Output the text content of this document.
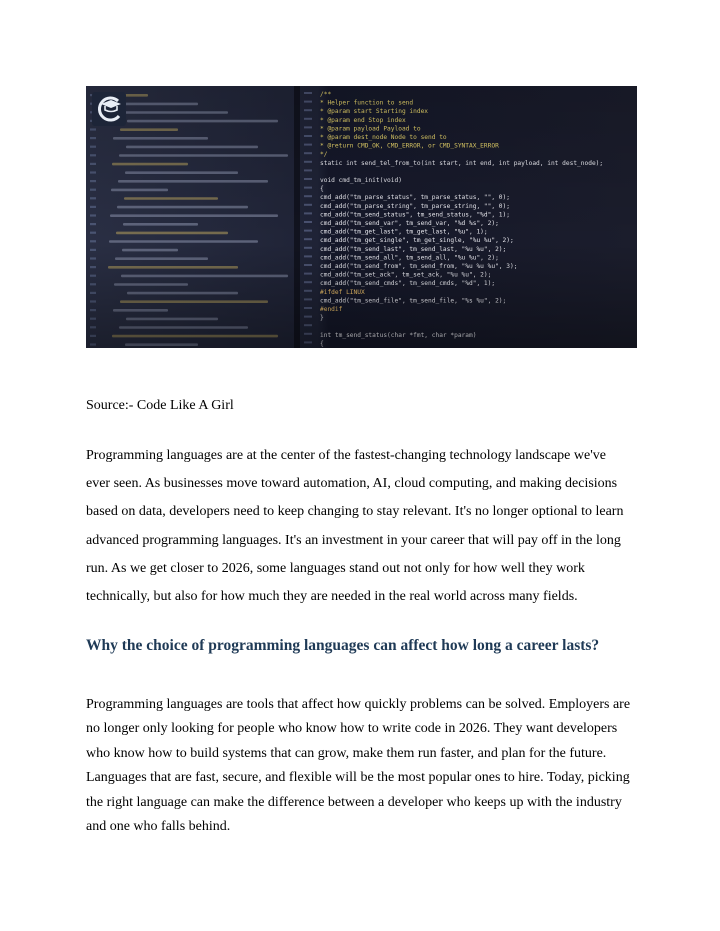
Source:- Code Like A Girl
Programming languages are at the center of the fastest-changing technology landscape we've
ever seen. As businesses move toward automation, AI, cloud computing, and making decisions
based on data, developers need to keep changing to stay relevant. It's no longer optional to learn
advanced programming languages. It's an investment in your career that will pay off in the long
run. As we get closer to 2026, some languages stand out not only for how well they work
technically, but also for how much they are needed in the real world across many fields.
Why the choice of programming languages can affect how long a career lasts?
Programming languages are tools that affect how quickly problems can be solved. Employers are
no longer only looking for people who know how to write code in 2026. They want developers
who know how to build systems that can grow, make them run faster, and plan for the future.
Languages that are fast, secure, and flexible will be the most popular ones to hire. Today, picking
the right language can make the difference between a developer who keeps up with the industry
and one who falls behind.
